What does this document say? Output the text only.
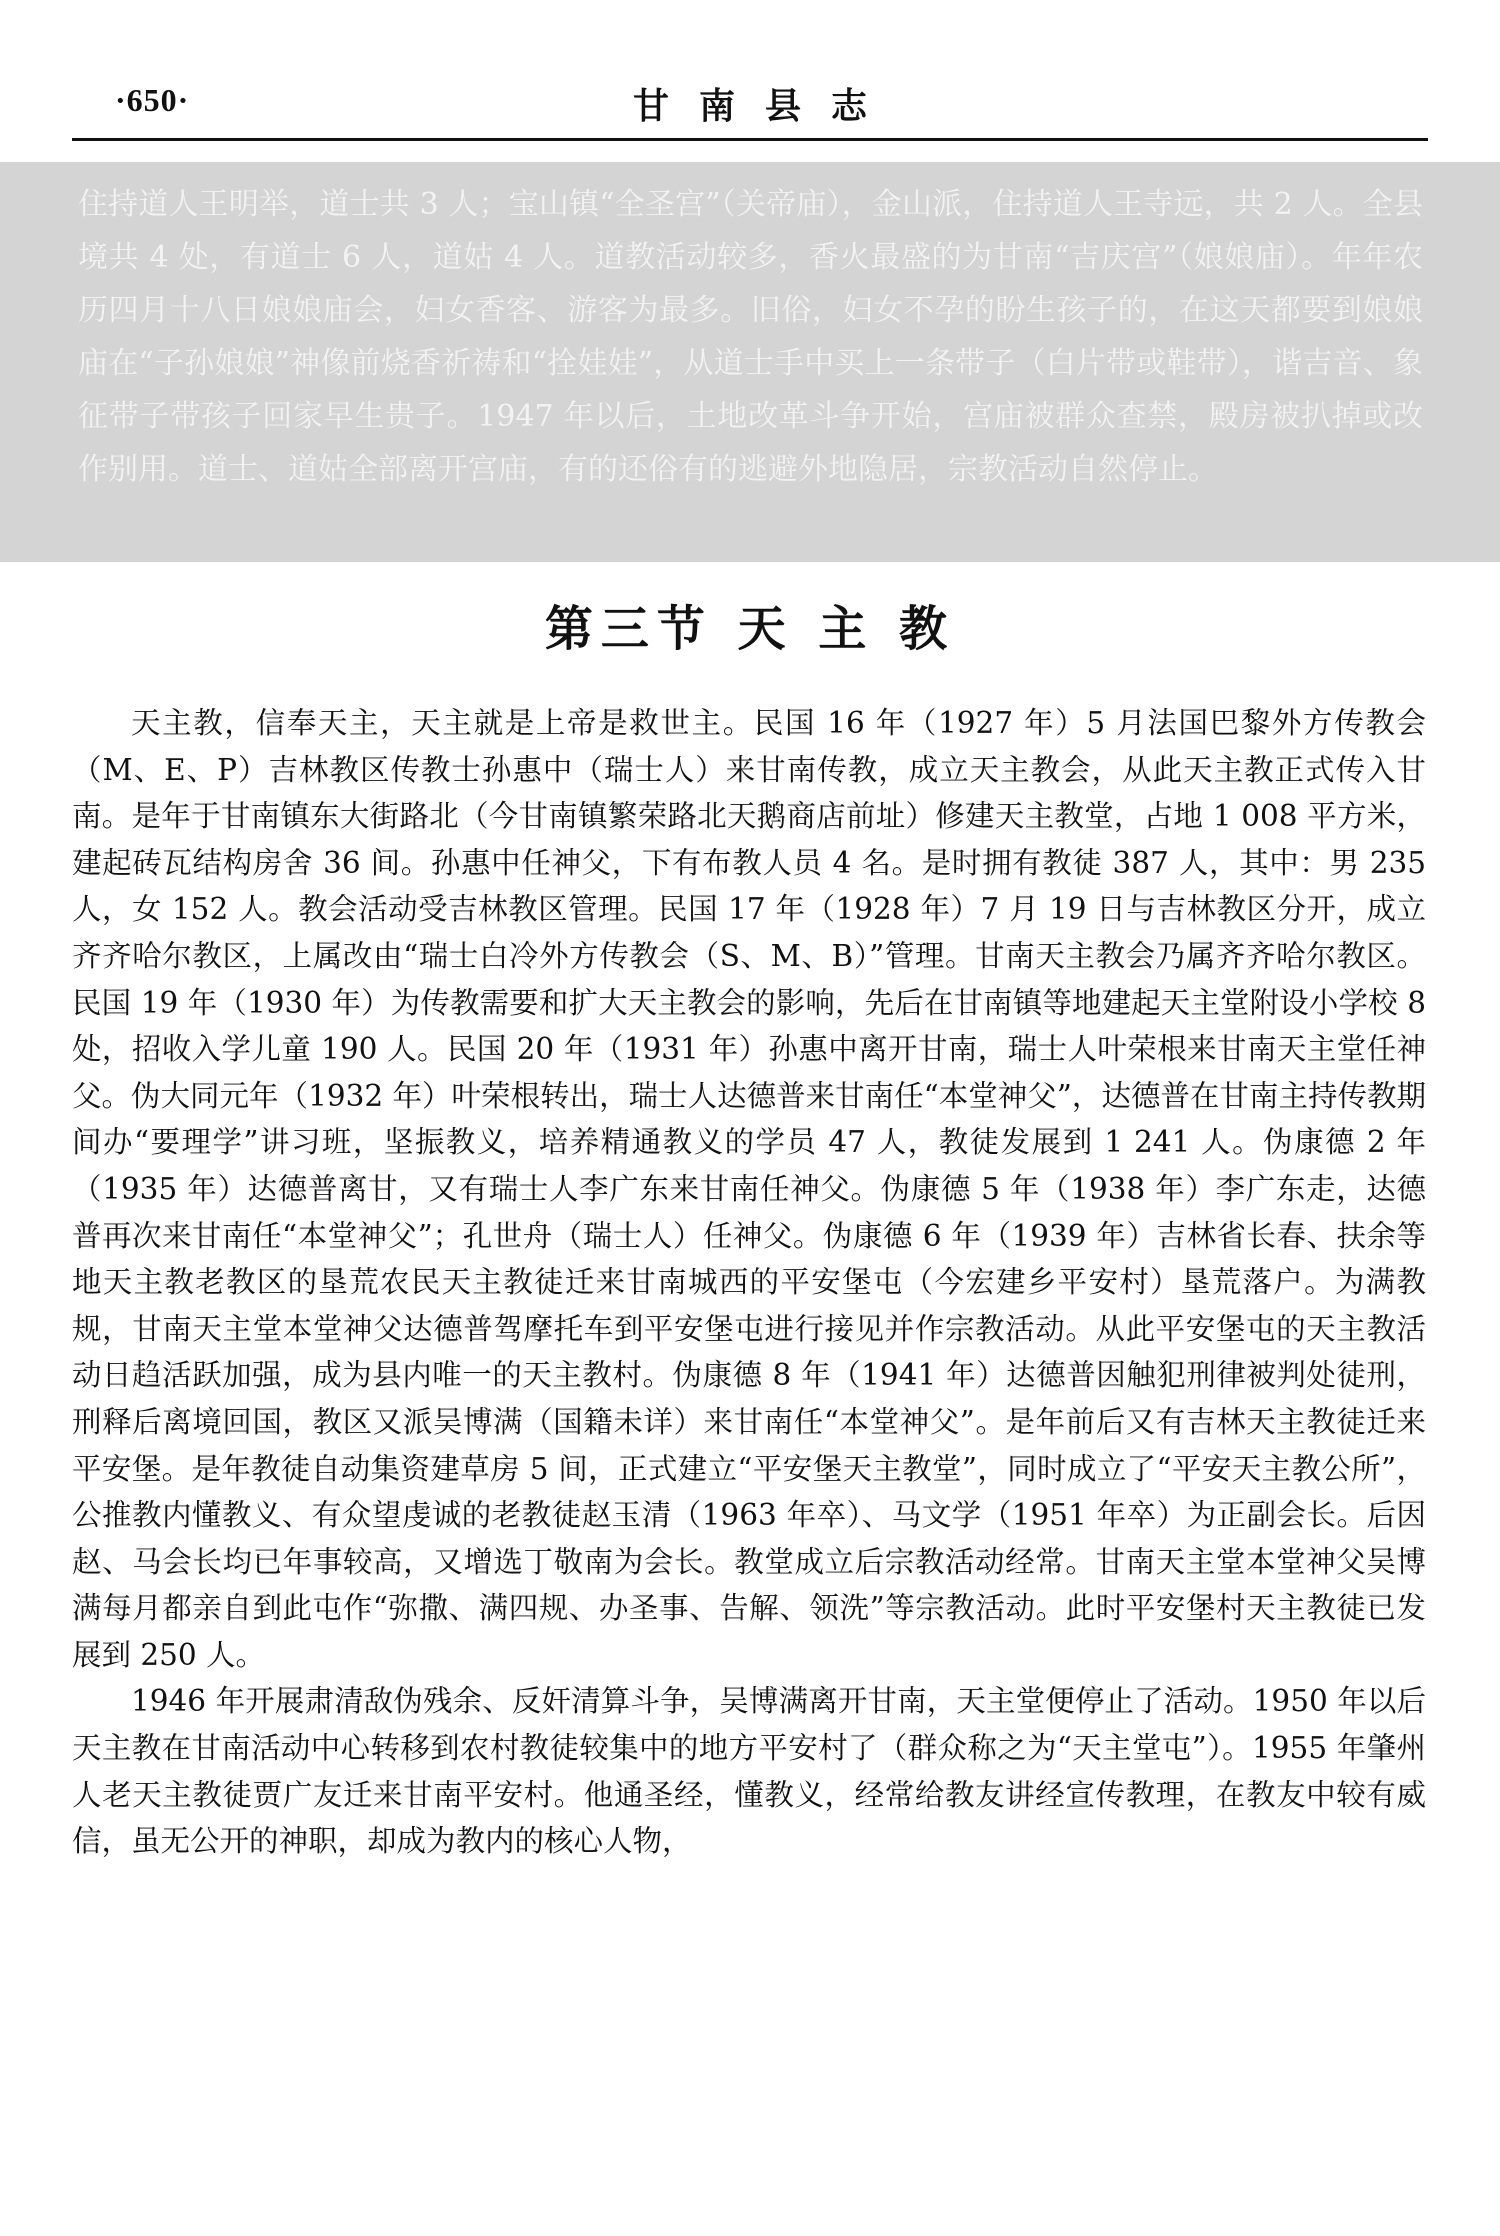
·650·	甘南县志
住持道人王明举，道士共 3 人；宝山镇“全圣宫”（关帝庙），金山派，住持道人王寺远，共 2 人。全县境共 4 处，有道士 6 人，道姑 4 人。道教活动较多，香火最盛的为甘南“吉庆宫”（娘娘庙）。年年农历四月十八日娘娘庙会，妇女香客、游客为最多。旧俗，妇女不孕的盼生孩子的，在这天都要到娘娘庙在“子孙娘娘”神像前烧香祈祷和“拴娃娃”，从道士手中买上一条带子（白片带或鞋带），谐吉音、象征带子带孩子回家早生贵子。1947 年以后，土地改革斗争开始，宫庙被群众查禁，殿房被扒掉或改作别用。道士、道姑全部离开宫庙，有的还俗有的逃避外地隐居，宗教活动自然停止。
第三节 天 主 教

天主教，信奉天主，天主就是上帝是救世主。民国 16 年（1927 年）5 月法国巴黎外方传教会（M、E、P）吉林教区传教士孙惠中（瑞士人）来甘南传教，成立天主教会，从此天主教正式传入甘南。是年于甘南镇东大街路北（今甘南镇繁荣路北天鹅商店前址）修建天主教堂，占地 1 008 平方米，建起砖瓦结构房舍 36 间。孙惠中任神父，下有布教人员 4 名。是时拥有教徒 387 人，其中：男 235 人，女 152 人。教会活动受吉林教区管理。民国 17 年（1928 年）7 月 19 日与吉林教区分开，成立齐齐哈尔教区，上属改由“瑞士白冷外方传教会（S、M、B）”管理。甘南天主教会乃属齐齐哈尔教区。民国 19 年（1930 年）为传教需要和扩大天主教会的影响，先后在甘南镇等地建起天主堂附设小学校 8 处，招收入学儿童 190 人。民国 20 年（1931 年）孙惠中离开甘南，瑞士人叶荣根来甘南天主堂任神父。伪大同元年（1932 年）叶荣根转出，瑞士人达德普来甘南任“本堂神父”，达德普在甘南主持传教期间办“要理学”讲习班，坚振教义，培养精通教义的学员 47 人，教徒发展到 1 241 人。伪康德 2 年（1935 年）达德普离甘，又有瑞士人李广东来甘南任神父。伪康德 5 年（1938 年）李广东走，达德普再次来甘南任“本堂神父”；孔世舟（瑞士人）任神父。伪康德 6 年（1939 年）吉林省长春、扶余等地天主教老教区的垦荒农民天主教徒迁来甘南城西的平安堡屯（今宏建乡平安村）垦荒落户。为满教规，甘南天主堂本堂神父达德普驾摩托车到平安堡屯进行接见并作宗教活动。从此平安堡屯的天主教活动日趋活跃加强，成为县内唯一的天主教村。伪康德 8 年（1941 年）达德普因触犯刑律被判处徒刑，刑释后离境回国，教区又派吴博满（国籍未详）来甘南任“本堂神父”。是年前后又有吉林天主教徒迁来平安堡。是年教徒自动集资建草房 5 间，正式建立“平安堡天主教堂”，同时成立了“平安天主教公所”，公推教内懂教义、有众望虔诚的老教徒赵玉清（1963 年卒）、马文学（1951 年卒）为正副会长。后因赵、马会长均已年事较高，又增选丁敬南为会长。教堂成立后宗教活动经常。甘南天主堂本堂神父吴博满每月都亲自到此屯作“弥撒、满四规、办圣事、告解、领洗”等宗教活动。此时平安堡村天主教徒已发展到 250 人。

1946 年开展肃清敌伪残余、反奸清算斗争，吴博满离开甘南，天主堂便停止了活动。1950 年以后天主教在甘南活动中心转移到农村教徒较集中的地方平安村了（群众称之为“天主堂屯”）。1955 年肇州人老天主教徒贾广友迁来甘南平安村。他通圣经，懂教义，经常给教友讲经宣传教理，在教友中较有威信，虽无公开的神职，却成为教内的核心人物，
